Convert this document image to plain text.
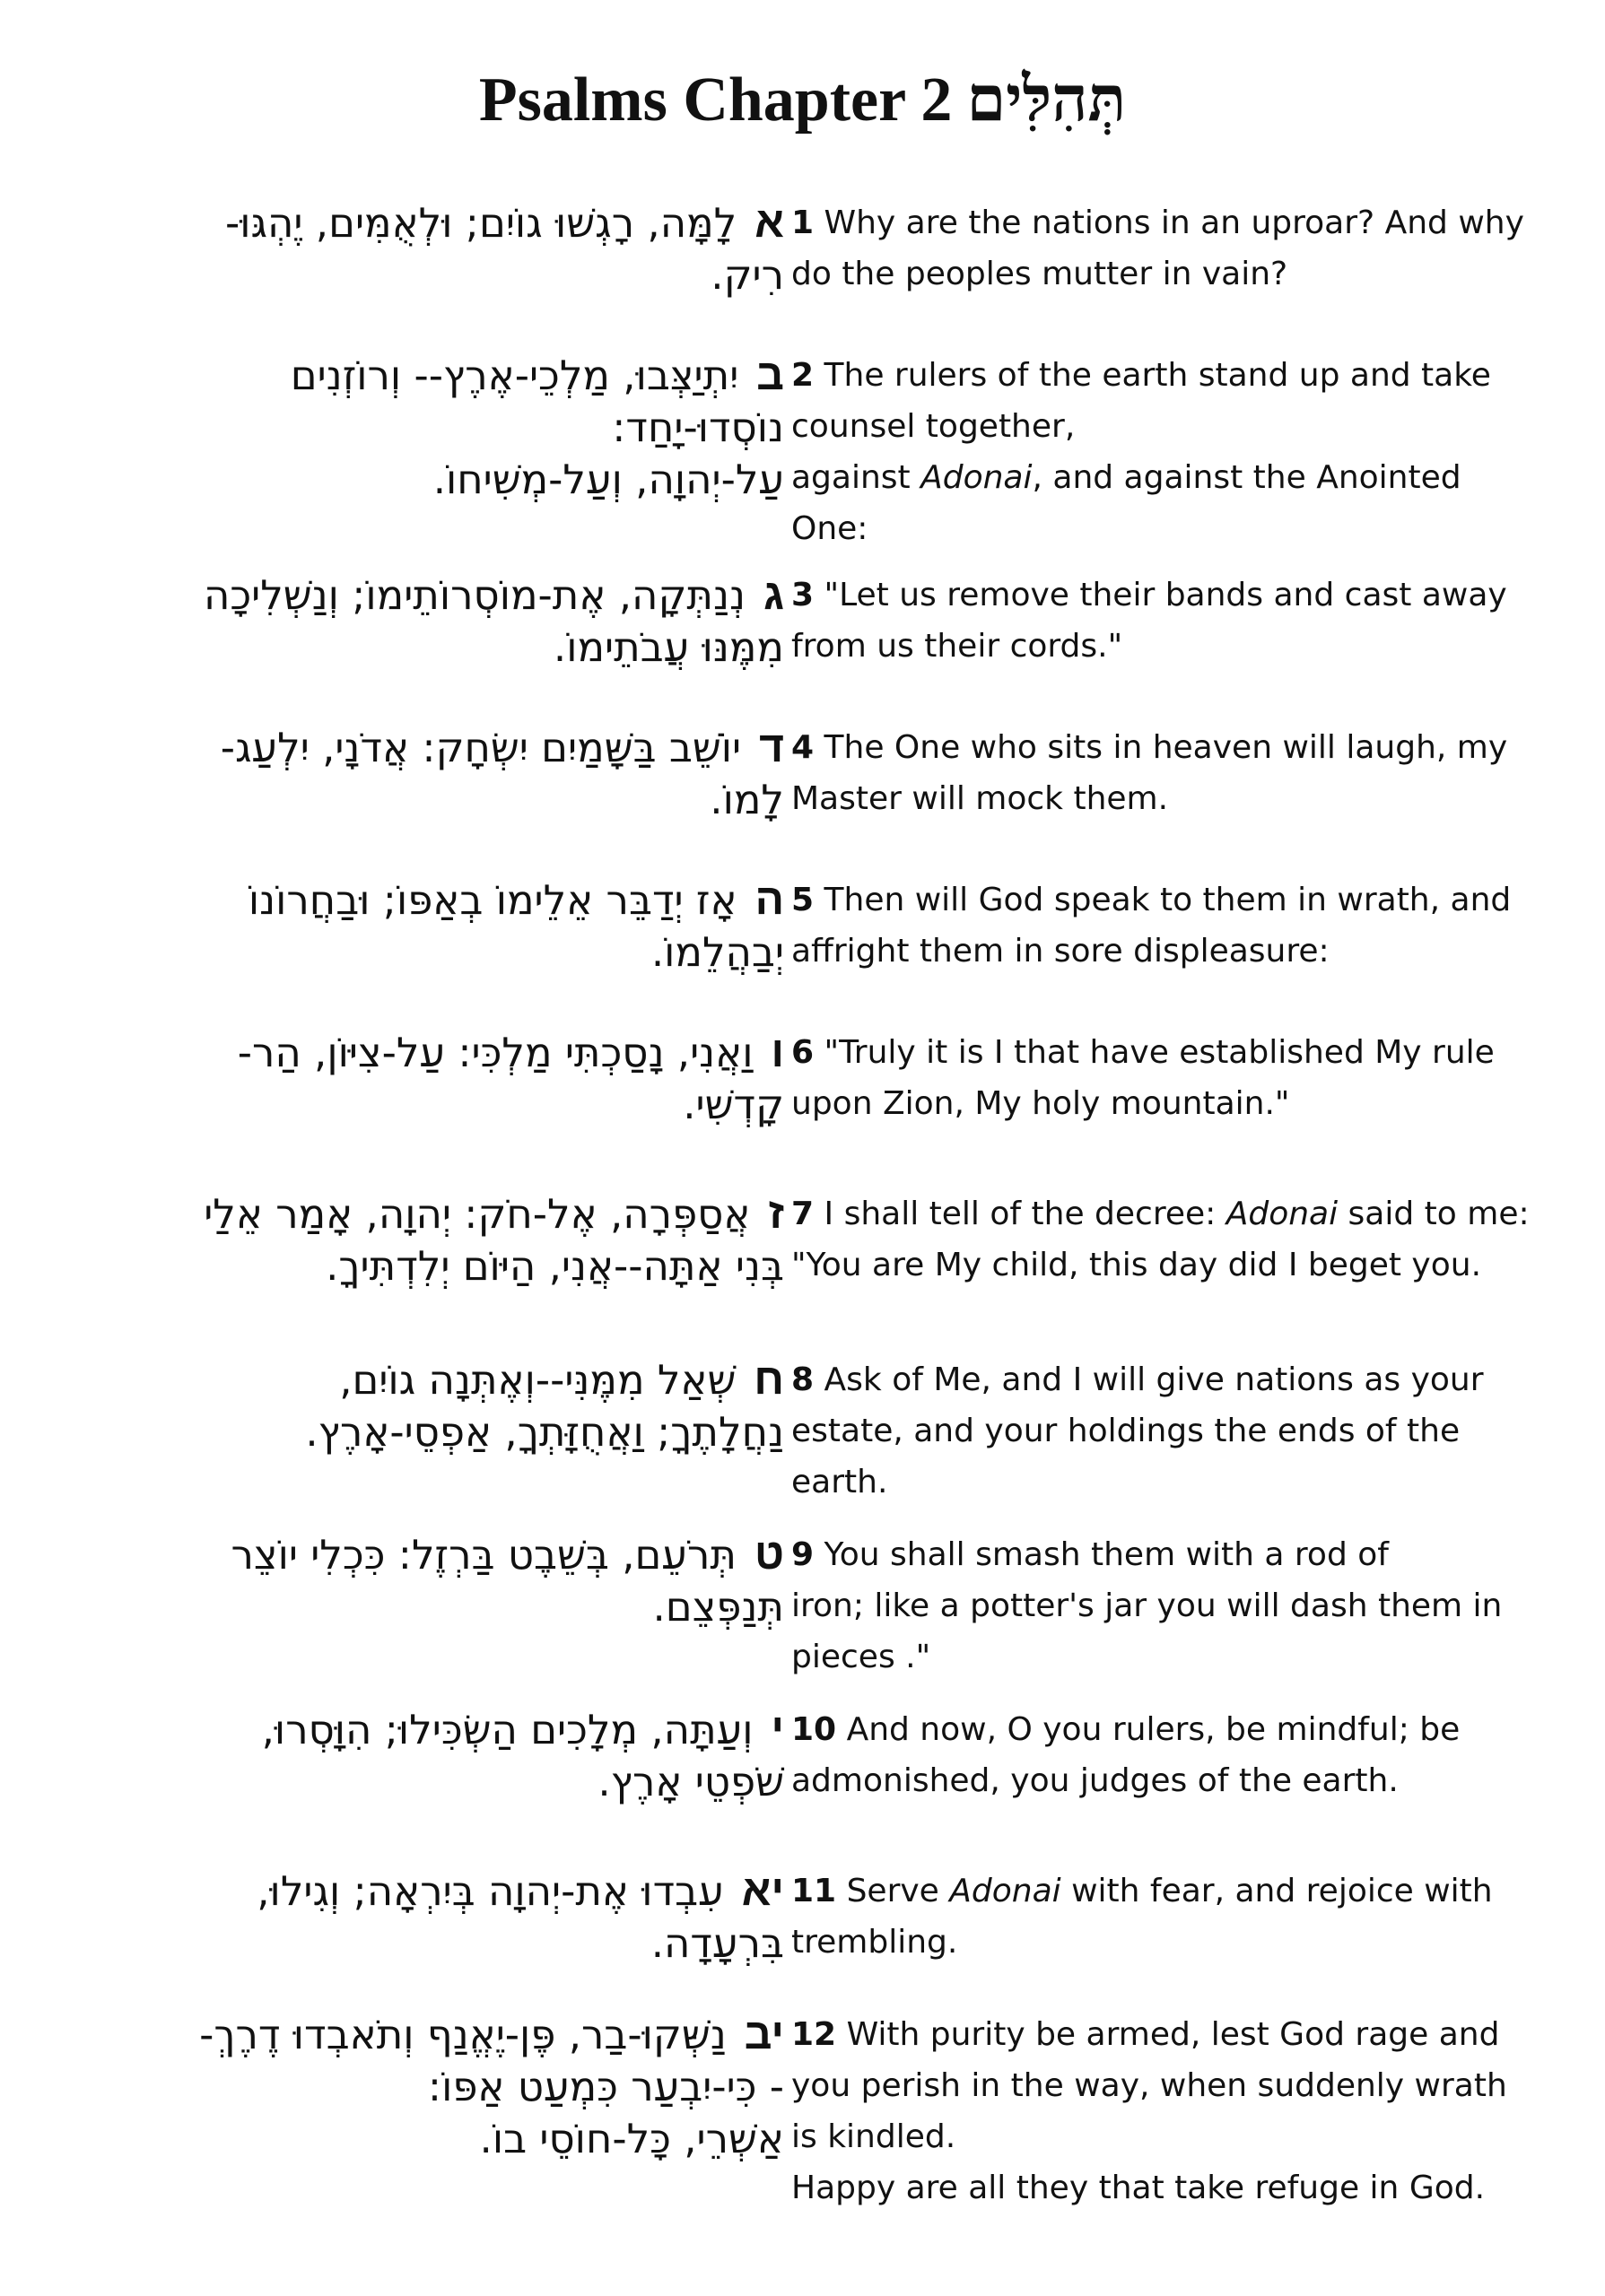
Psalms Chapter 2 תְּהִלִּים
אלָמָּה, רָגְשׁוּ גוֹיִם; וּלְאֻמִּים, יֶהְגּוּ-
רִיק.
1 Why are the nations in an uproar? And why
do the peoples mutter in vain?
ביִתְיַצְּבוּ, מַלְכֵי-אֶרֶץ-- וְרוֹזְנִים
נוֹסְדוּ-יָחַד:
עַל-יְהוָה, וְעַל-מְשִׁיחוֹ.
2 The rulers of the earth stand up and take
counsel together,
against Adonai, and against the Anointed
One:
גנְנַתְּקָה, אֶת-מוֹסְרוֹתֵימוֹ; וְנַשְׁלִיכָה
מִמֶּנּוּ עֲבֹתֵימוֹ.
3 "Let us remove their bands and cast away
from us their cords."
דיוֹשֵׁב בַּשָּׁמַיִם יִשְׂחָק: אֲדֹנָי, יִלְעַג-
לָמוֹ.
4 The One who sits in heaven will laugh, my
Master will mock them.
האָז יְדַבֵּר אֵלֵימוֹ בְאַפּוֹ; וּבַחֲרוֹנוֹ
יְבַהֲלֵמוֹ.
5 Then will God speak to them in wrath, and
affright them in sore displeasure:
ווַאֲנִי, נָסַכְתִּי מַלְכִּי: עַל-צִיּוֹן, הַר-
קָדְשִׁי.
6 "Truly it is I that have established My rule
upon Zion, My holy mountain."
זאֲסַפְּרָה, אֶל-חֹק: יְהוָה, אָמַר אֵלַי
בְּנִי אַתָּה--אֲנִי, הַיּוֹם יְלִדְתִּיךָ.
7 I shall tell of the decree: Adonai said to me:
"You are My child, this day did I beget you.
חשְׁאַל מִמֶּנִּי--וְאֶתְּנָה גוֹיִם,
נַחֲלָתֶךָ; וַאֲחֻזָּתְךָ, אַפְסֵי-אָרֶץ.
8 Ask of Me, and I will give nations as your
estate, and your holdings the ends of the
earth.
טתְּרֹעֵם, בְּשֵׁבֶט בַּרְזֶל: כִּכְלִי יוֹצֵר
תְּנַפְּצֵם.
9 You shall smash them with a rod of
iron; like a potter's jar you will dash them in
pieces ."
יוְעַתָּה, מְלָכִים הַשְׂכִּילוּ; הִוָּסְרוּ,
שֹׁפְטֵי אָרֶץ.
10 And now, O you rulers, be mindful; be
admonished, you judges of the earth.
יאעִבְדוּ אֶת-יְהוָה בְּיִרְאָה; וְגִילוּ,
בִּרְעָדָה.
11 Serve Adonai with fear, and rejoice with
trembling.
יבנַשְּׁקוּ-בַר, פֶּן-יֶאֱנַף וְתֹאבְדוּ דֶרֶךְ-
- כִּי-יִבְעַר כִּמְעַט אַפּוֹ:
אַשְׁרֵי, כָּל-חוֹסֵי בוֹ.
12 With purity be armed, lest God rage and
you perish in the way, when suddenly wrath
is kindled.
Happy are all they that take refuge in God.
